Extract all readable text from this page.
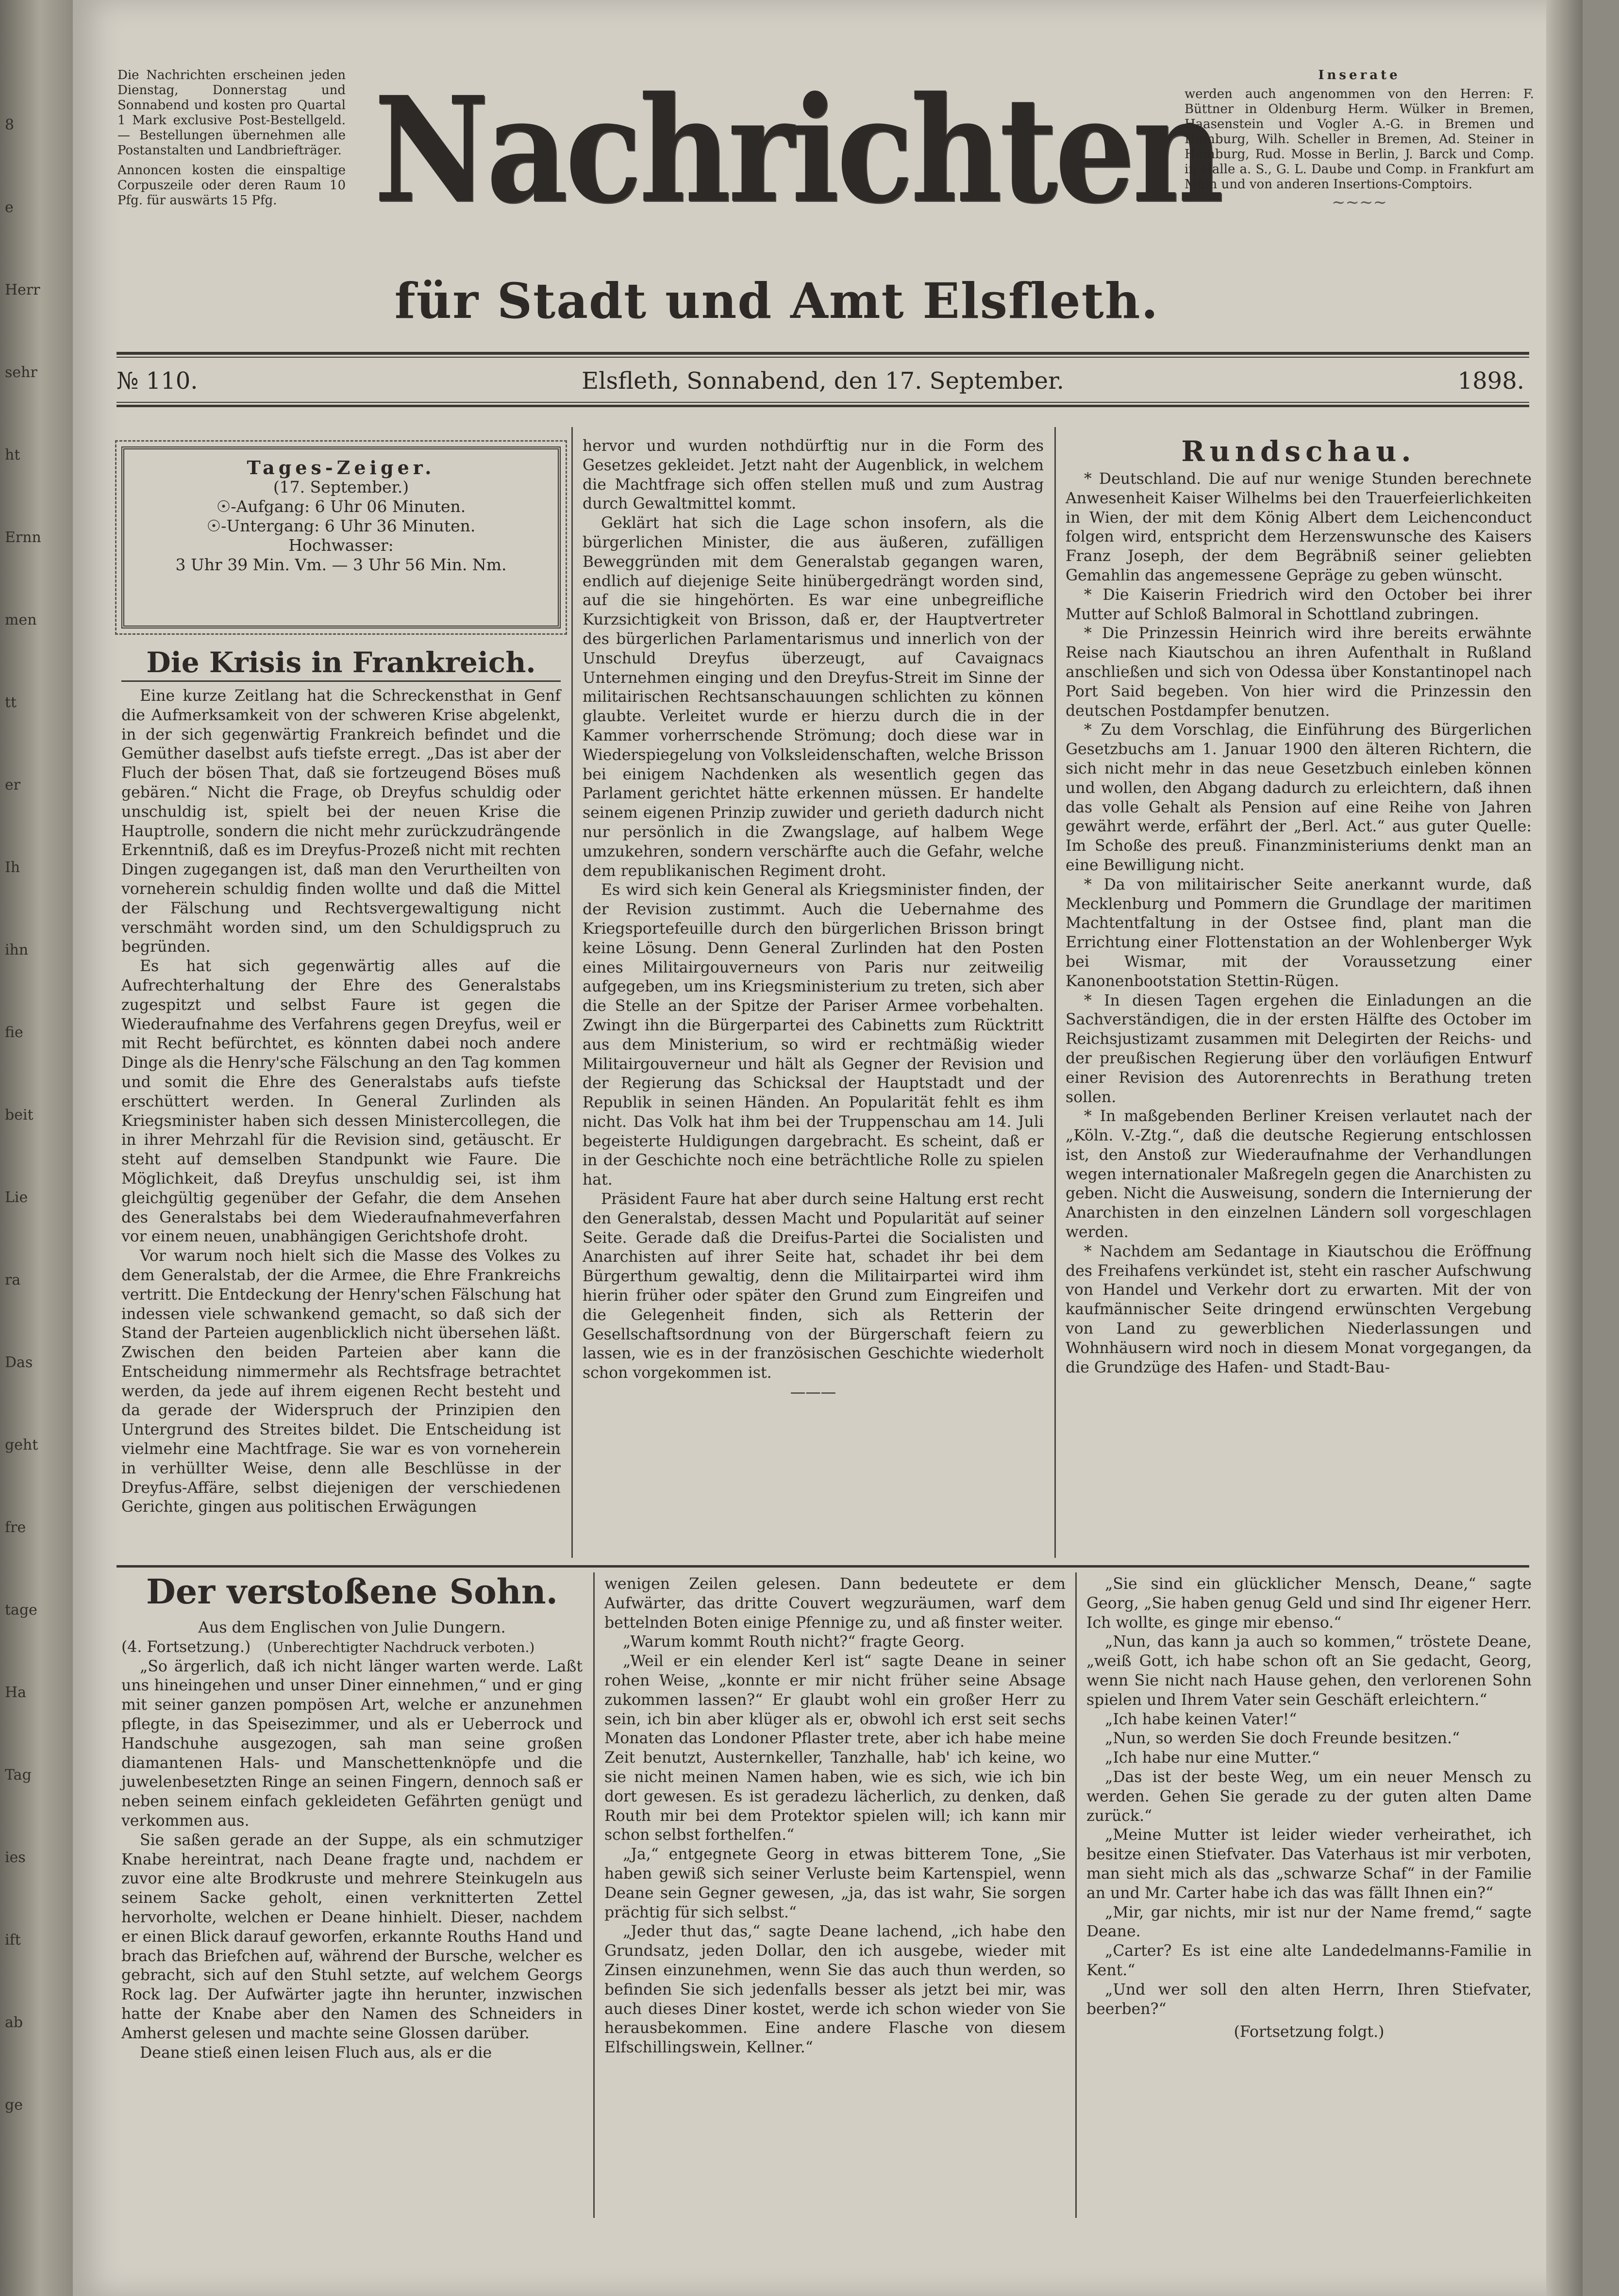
8
e
Herr
sehr
ht
Ernn
men
tt
er
Ih
ihn
fie
beit
Lie
ra
Das
geht
fre
tage
Ha
Tag
ies
ift
ab
ge

Die Nachrichten erscheinen jeden Dienstag, Donnerstag und Sonnabend und kosten pro Quartal 1 Mark exclusive Post-Bestellgeld. — Bestellungen übernehmen alle Postanstalten und Landbriefträger.

Annoncen kosten die einspaltige Corpuszeile oder deren Raum 10 Pfg. für auswärts 15 Pfg. Nachrichten
für Stadt und Amt Elsfleth.
Inserate
werden auch angenommen von den Herren: F. Büttner in Oldenburg Herm. Wülker in Bremen, Haasenstein und Vogler A.-G. in Bremen und Hamburg, Wilh. Scheller in Bremen, Ad. Steiner in Hamburg, Rud. Mosse in Berlin, J. Barck und Comp. in Halle a. S., G. L. Daube und Comp. in Frankfurt am Main und von anderen Insertions-Comptoirs.
~~~~
№ 110.	Elsfleth, Sonnabend, den 17. September.	1898.
Tages-Zeiger.
(17. September.)
☉-Aufgang: 6 Uhr 06 Minuten.
☉-Untergang: 6 Uhr 36 Minuten.
Hochwasser:
3 Uhr 39 Min. Vm. — 3 Uhr 56 Min. Nm.
Die Krisis in Frankreich.

Eine kurze Zeitlang hat die Schreckensthat in Genf die Aufmerksamkeit von der schweren Krise abgelenkt, in der sich gegenwärtig Frankreich befindet und die Gemüther daselbst aufs tiefste erregt. „Das ist aber der Fluch der bösen That, daß sie fortzeugend Böses muß gebären.“ Nicht die Frage, ob Dreyfus schuldig oder unschuldig ist, spielt bei der neuen Krise die Hauptrolle, sondern die nicht mehr zurückzudrängende Erkenntniß, daß es im Dreyfus-Prozeß nicht mit rechten Dingen zugegangen ist, daß man den Verurtheilten von vorneherein schuldig finden wollte und daß die Mittel der Fälschung und Rechtsvergewaltigung nicht verschmäht worden sind, um den Schuldigspruch zu begründen.

Es hat sich gegenwärtig alles auf die Aufrechterhaltung der Ehre des Generalstabs zugespitzt und selbst Faure ist gegen die Wiederaufnahme des Verfahrens gegen Dreyfus, weil er mit Recht befürchtet, es könnten dabei noch andere Dinge als die Henry'sche Fälschung an den Tag kommen und somit die Ehre des Generalstabs aufs tiefste erschüttert werden. In General Zurlinden als Kriegsminister haben sich dessen Ministercollegen, die in ihrer Mehrzahl für die Revision sind, getäuscht. Er steht auf demselben Standpunkt wie Faure. Die Möglichkeit, daß Dreyfus unschuldig sei, ist ihm gleichgültig gegenüber der Gefahr, die dem Ansehen des Generalstabs bei dem Wiederaufnahmeverfahren vor einem neuen, unabhängigen Gerichtshofe droht.

Vor warum noch hielt sich die Masse des Volkes zu dem Generalstab, der die Armee, die Ehre Frankreichs vertritt. Die Entdeckung der Henry'schen Fälschung hat indessen viele schwankend gemacht, so daß sich der Stand der Parteien augenblicklich nicht übersehen läßt. Zwischen den beiden Parteien aber kann die Entscheidung nimmermehr als Rechtsfrage betrachtet werden, da jede auf ihrem eigenen Recht besteht und da gerade der Widerspruch der Prinzipien den Untergrund des Streites bildet. Die Entscheidung ist vielmehr eine Machtfrage. Sie war es von vorneherein in verhüllter Weise, denn alle Beschlüsse in der Dreyfus-Affäre, selbst diejenigen der verschiedenen Gerichte, gingen aus politischen Erwägungen

hervor und wurden nothdürftig nur in die Form des Gesetzes gekleidet. Jetzt naht der Augenblick, in welchem die Machtfrage sich offen stellen muß und zum Austrag durch Gewaltmittel kommt.

Geklärt hat sich die Lage schon insofern, als die bürgerlichen Minister, die aus äußeren, zufälligen Beweggründen mit dem Generalstab gegangen waren, endlich auf diejenige Seite hinübergedrängt worden sind, auf die sie hingehörten. Es war eine unbegreifliche Kurzsichtigkeit von Brisson, daß er, der Hauptvertreter des bürgerlichen Parlamentarismus und innerlich von der Unschuld Dreyfus überzeugt, auf Cavaignacs Unternehmen einging und den Dreyfus-Streit im Sinne der militairischen Rechtsanschauungen schlichten zu können glaubte. Verleitet wurde er hierzu durch die in der Kammer vorherrschende Strömung; doch diese war in Wiederspiegelung von Volksleidenschaften, welche Brisson bei einigem Nachdenken als wesentlich gegen das Parlament gerichtet hätte erkennen müssen. Er handelte seinem eigenen Prinzip zuwider und gerieth dadurch nicht nur persönlich in die Zwangslage, auf halbem Wege umzukehren, sondern verschärfte auch die Gefahr, welche dem republikanischen Regiment droht.

Es wird sich kein General als Kriegsminister finden, der der Revision zustimmt. Auch die Uebernahme des Kriegsportefeuille durch den bürgerlichen Brisson bringt keine Lösung. Denn General Zurlinden hat den Posten eines Militairgouverneurs von Paris nur zeitweilig aufgegeben, um ins Kriegsministerium zu treten, sich aber die Stelle an der Spitze der Pariser Armee vorbehalten. Zwingt ihn die Bürgerpartei des Cabinetts zum Rücktritt aus dem Ministerium, so wird er rechtmäßig wieder Militairgouverneur und hält als Gegner der Revision und der Regierung das Schicksal der Hauptstadt und der Republik in seinen Händen. An Popularität fehlt es ihm nicht. Das Volk hat ihm bei der Truppenschau am 14. Juli begeisterte Huldigungen dargebracht. Es scheint, daß er in der Geschichte noch eine beträchtliche Rolle zu spielen hat.

Präsident Faure hat aber durch seine Haltung erst recht den Generalstab, dessen Macht und Popularität auf seiner Seite. Gerade daß die Dreifus-Partei die Socialisten und Anarchisten auf ihrer Seite hat, schadet ihr bei dem Bürgerthum gewaltig, denn die Militairpartei wird ihm hierin früher oder später den Grund zum Eingreifen und die Gelegenheit finden, sich als Retterin der Gesellschaftsordnung von der Bürgerschaft feiern zu lassen, wie es in der französischen Geschichte wiederholt schon vorgekommen ist.

———
Rundschau.

* Deutschland. Die auf nur wenige Stunden berechnete Anwesenheit Kaiser Wilhelms bei den Trauerfeierlichkeiten in Wien, der mit dem König Albert dem Leichenconduct folgen wird, entspricht dem Herzenswunsche des Kaisers Franz Joseph, der dem Begräbniß seiner geliebten Gemahlin das angemessene Gepräge zu geben wünscht.

* Die Kaiserin Friedrich wird den October bei ihrer Mutter auf Schloß Balmoral in Schottland zubringen.

* Die Prinzessin Heinrich wird ihre bereits erwähnte Reise nach Kiautschou an ihren Aufenthalt in Rußland anschließen und sich von Odessa über Konstantinopel nach Port Said begeben. Von hier wird die Prinzessin den deutschen Postdampfer benutzen.

* Zu dem Vorschlag, die Einführung des Bürgerlichen Gesetzbuchs am 1. Januar 1900 den älteren Richtern, die sich nicht mehr in das neue Gesetzbuch einleben können und wollen, den Abgang dadurch zu erleichtern, daß ihnen das volle Gehalt als Pension auf eine Reihe von Jahren gewährt werde, erfährt der „Berl. Act.“ aus guter Quelle: Im Schoße des preuß. Finanzministeriums denkt man an eine Bewilligung nicht.

* Da von militairischer Seite anerkannt wurde, daß Mecklenburg und Pommern die Grundlage der maritimen Machtentfaltung in der Ostsee find, plant man die Errichtung einer Flottenstation an der Wohlenberger Wyk bei Wismar, mit der Voraussetzung einer Kanonenbootstation Stettin-Rügen.

* In diesen Tagen ergehen die Einladungen an die Sachverständigen, die in der ersten Hälfte des October im Reichsjustizamt zusammen mit Delegirten der Reichs- und der preußischen Regierung über den vorläufigen Entwurf einer Revision des Autorenrechts in Berathung treten sollen.

* In maßgebenden Berliner Kreisen verlautet nach der „Köln. V.-Ztg.“, daß die deutsche Regierung entschlossen ist, den Anstoß zur Wiederaufnahme der Verhandlungen wegen internationaler Maßregeln gegen die Anarchisten zu geben. Nicht die Ausweisung, sondern die Internierung der Anarchisten in den einzelnen Ländern soll vorgeschlagen werden.

* Nachdem am Sedantage in Kiautschou die Eröffnung des Freihafens verkündet ist, steht ein rascher Aufschwung von Handel und Verkehr dort zu erwarten. Mit der von kaufmännischer Seite dringend erwünschten Vergebung von Land zu gewerblichen Niederlassungen und Wohnhäusern wird noch in diesem Monat vorgegangen, da die Grundzüge des Hafen- und Stadt-Bau-

Der verstoßene Sohn.
Aus dem Englischen von Julie Dungern.
(4. Fortsetzung.) (Unberechtigter Nachdruck verboten.)

„So ärgerlich, daß ich nicht länger warten werde. Laßt uns hineingehen und unser Diner einnehmen,“ und er ging mit seiner ganzen pompösen Art, welche er anzunehmen pflegte, in das Speisezimmer, und als er Ueberrock und Handschuhe ausgezogen, sah man seine großen diamantenen Hals- und Manschettenknöpfe und die juwelenbesetzten Ringe an seinen Fingern, dennoch saß er neben seinem einfach gekleideten Gefährten genügt und verkommen aus.

Sie saßen gerade an der Suppe, als ein schmutziger Knabe hereintrat, nach Deane fragte und, nachdem er zuvor eine alte Brodkruste und mehrere Steinkugeln aus seinem Sacke geholt, einen verknitterten Zettel hervorholte, welchen er Deane hinhielt. Dieser, nachdem er einen Blick darauf geworfen, erkannte Rouths Hand und brach das Briefchen auf, während der Bursche, welcher es gebracht, sich auf den Stuhl setzte, auf welchem Georgs Rock lag. Der Aufwärter jagte ihn herunter, inzwischen hatte der Knabe aber den Namen des Schneiders in Amherst gelesen und machte seine Glossen darüber.

Deane stieß einen leisen Fluch aus, als er die

wenigen Zeilen gelesen. Dann bedeutete er dem Aufwärter, das dritte Couvert wegzuräumen, warf dem bettelnden Boten einige Pfennige zu, und aß finster weiter.

„Warum kommt Routh nicht?“ fragte Georg.

„Weil er ein elender Kerl ist“ sagte Deane in seiner rohen Weise, „konnte er mir nicht früher seine Absage zukommen lassen?“ Er glaubt wohl ein großer Herr zu sein, ich bin aber klüger als er, obwohl ich erst seit sechs Monaten das Londoner Pflaster trete, aber ich habe meine Zeit benutzt, Austernkeller, Tanzhalle, hab' ich keine, wo sie nicht meinen Namen haben, wie es sich, wie ich bin dort gewesen. Es ist geradezu lächerlich, zu denken, daß Routh mir bei dem Protektor spielen will; ich kann mir schon selbst forthelfen.“

„Ja,“ entgegnete Georg in etwas bitterem Tone, „Sie haben gewiß sich seiner Verluste beim Kartenspiel, wenn Deane sein Gegner gewesen, „ja, das ist wahr, Sie sorgen prächtig für sich selbst.“

„Jeder thut das,“ sagte Deane lachend, „ich habe den Grundsatz, jeden Dollar, den ich ausgebe, wieder mit Zinsen einzunehmen, wenn Sie das auch thun werden, so befinden Sie sich jedenfalls besser als jetzt bei mir, was auch dieses Diner kostet, werde ich schon wieder von Sie herausbekommen. Eine andere Flasche von diesem Elfschillingswein, Kellner.“

„Sie sind ein glücklicher Mensch, Deane,“ sagte Georg, „Sie haben genug Geld und sind Ihr eigener Herr. Ich wollte, es ginge mir ebenso.“

„Nun, das kann ja auch so kommen,“ tröstete Deane, „weiß Gott, ich habe schon oft an Sie gedacht, Georg, wenn Sie nicht nach Hause gehen, den verlorenen Sohn spielen und Ihrem Vater sein Geschäft erleichtern.“

„Ich habe keinen Vater!“

„Nun, so werden Sie doch Freunde besitzen.“

„Ich habe nur eine Mutter.“

„Das ist der beste Weg, um ein neuer Mensch zu werden. Gehen Sie gerade zu der guten alten Dame zurück.“

„Meine Mutter ist leider wieder verheirathet, ich besitze einen Stiefvater. Das Vaterhaus ist mir verboten, man sieht mich als das „schwarze Schaf“ in der Familie an und Mr. Carter habe ich das was fällt Ihnen ein?“

„Mir, gar nichts, mir ist nur der Name fremd,“ sagte Deane.

„Carter? Es ist eine alte Landedelmanns-Familie in Kent.“

„Und wer soll den alten Herrn, Ihren Stiefvater, beerben?“

(Fortsetzung folgt.)
